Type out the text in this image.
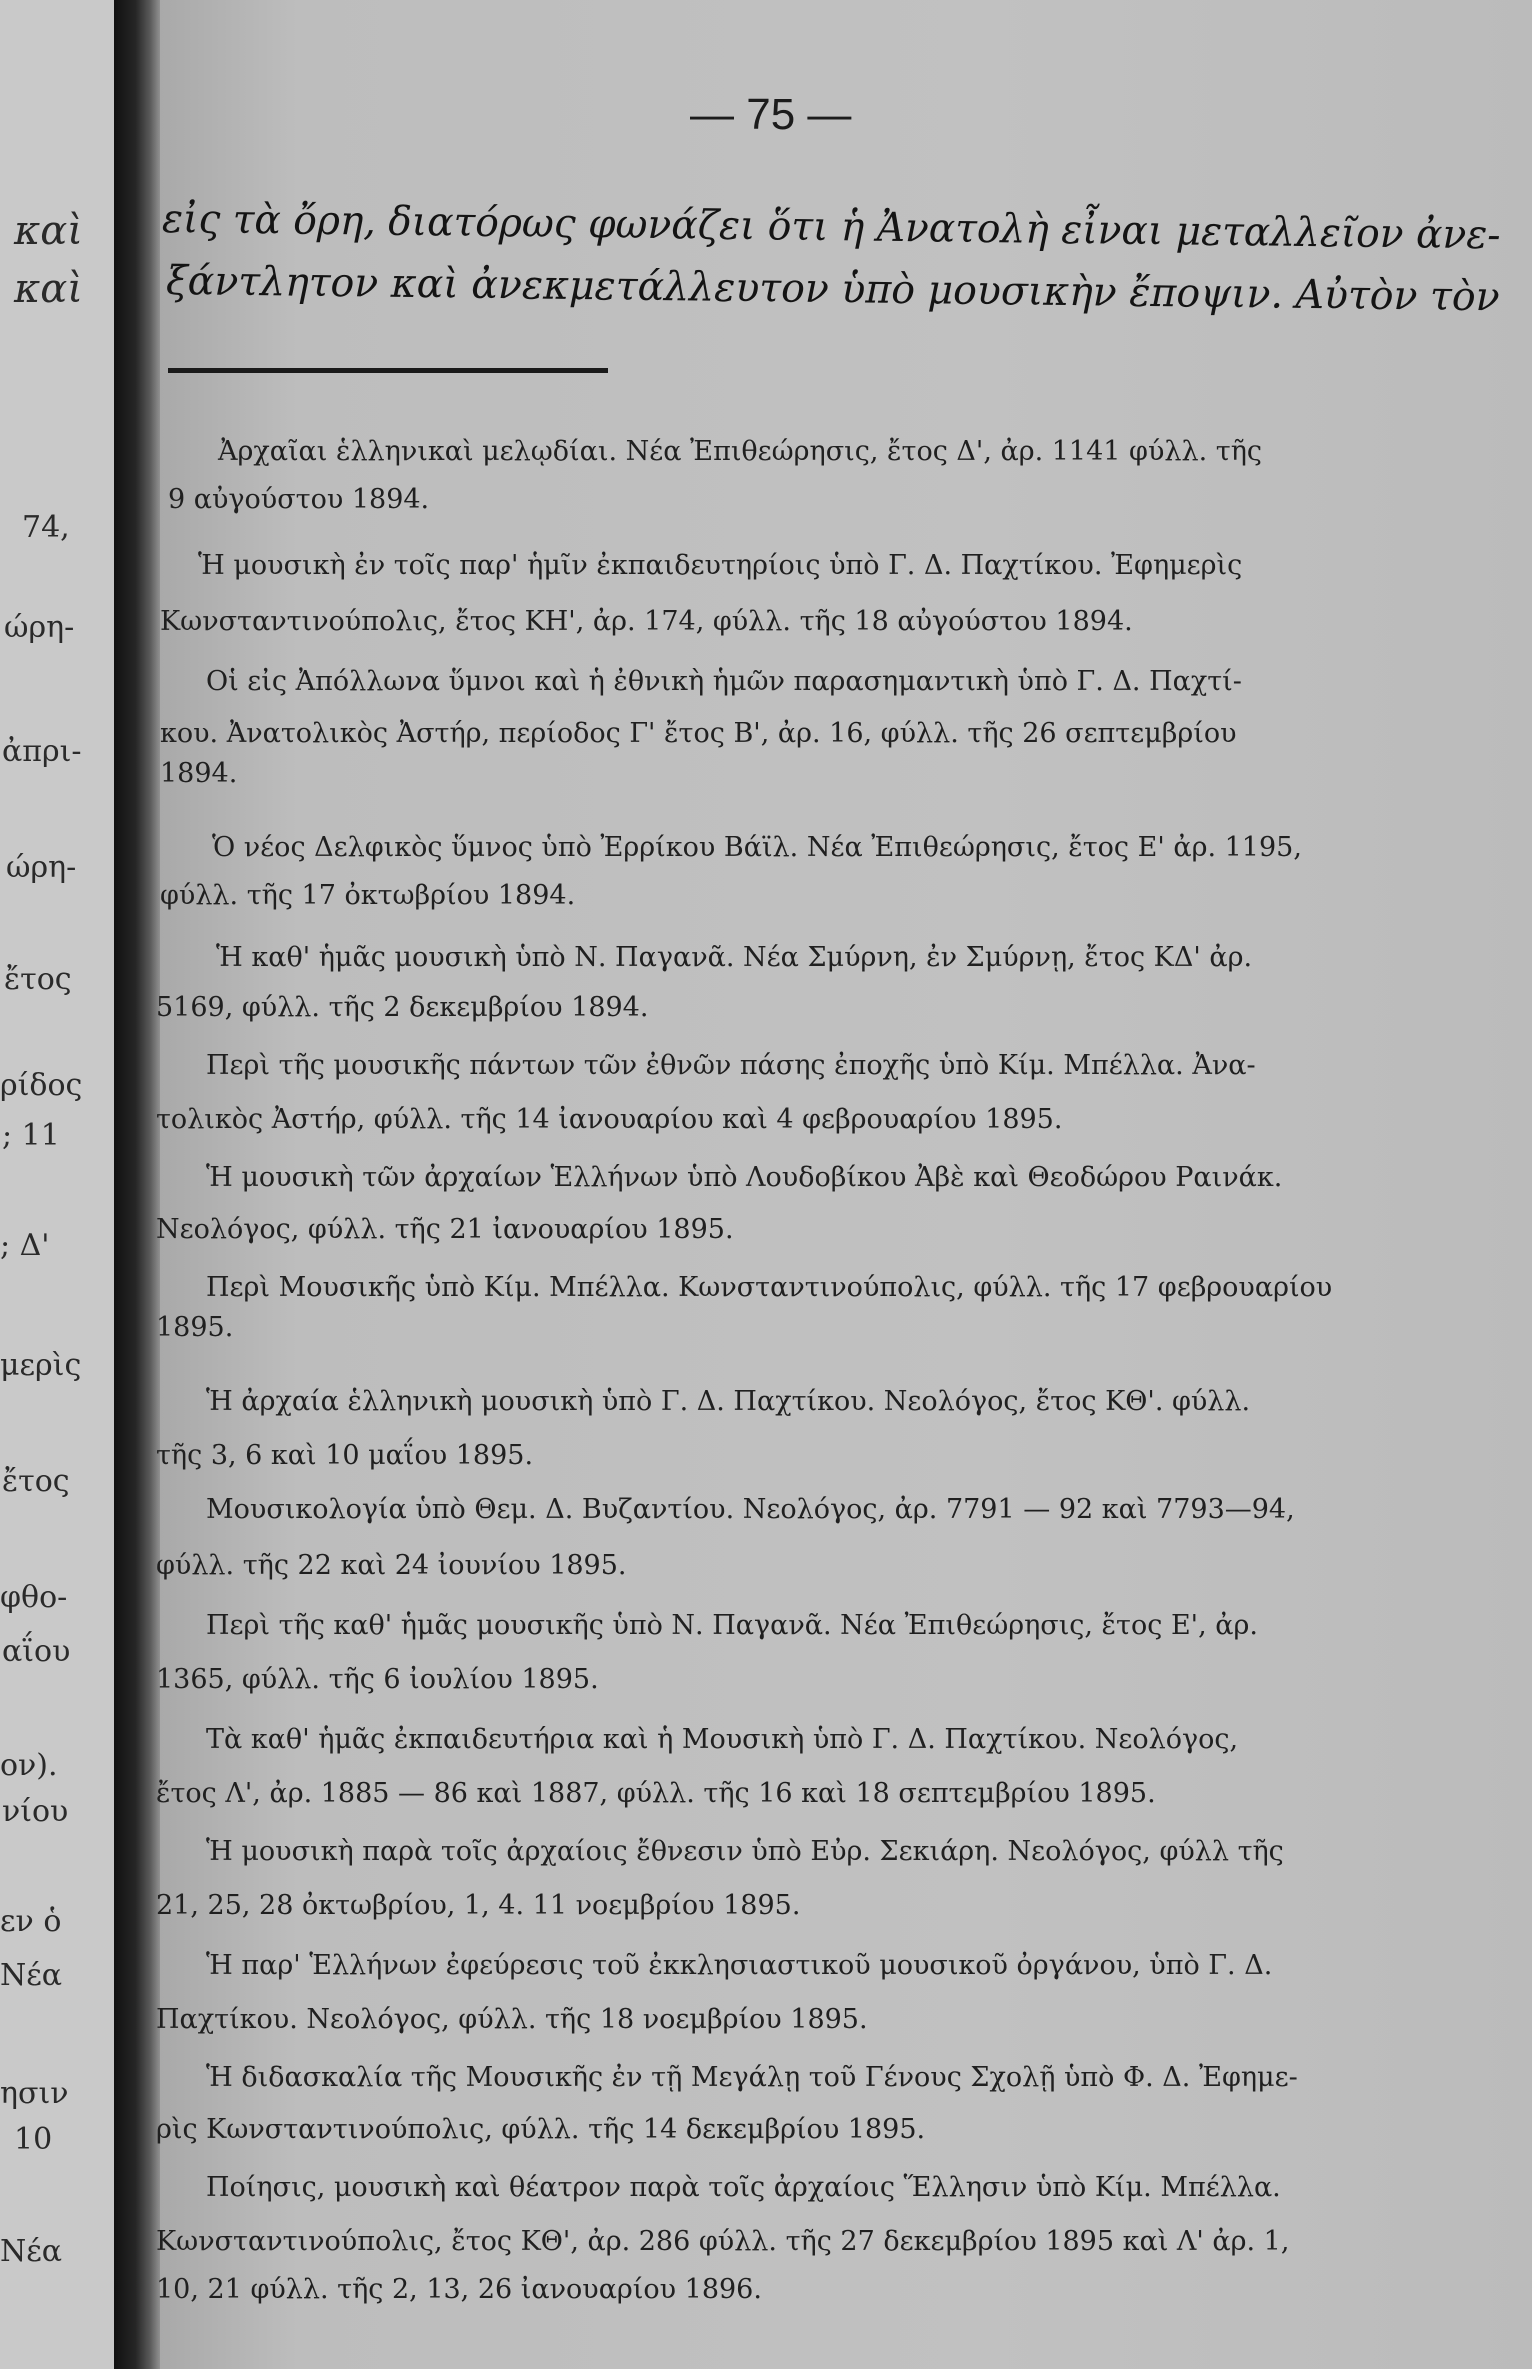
καὶ
καὶ
74,
ώρη-
ἀπρι-
ώρη-
ἔτος
ρίδος
; 11
; Δ'
μερὶς
ἔτος
φθο-
αΐου
ον).
νίου
εν ὁ
Νέα
ησιν
10
Νέα
— 75 —
εἰς τὰ ὄρη, διατόρως φωνάζει ὅτι ἡ Ἀνατολὴ εἶναι μεταλλεῖον ἀνε-
ξάντλητον καὶ ἀνεκμετάλλευτον ὑπὸ μουσικὴν ἔποψιν. Αὐτὸν τὸν
Ἀρχαῖαι ἑλληνικαὶ μελῳδίαι. Νέα Ἐπιθεώρησις, ἔτος Δ', ἀρ. 1141 φύλλ. τῆς
9 αὐγούστου 1894.
Ἡ μουσικὴ ἐν τοῖς παρ' ἡμῖν ἐκπαιδευτηρίοις ὑπὸ Γ. Δ. Παχτίκου. Ἐφημερὶς
Κωνσταντινούπολις, ἔτος ΚΗ', ἀρ. 174, φύλλ. τῆς 18 αὐγούστου 1894.
Οἱ εἰς Ἀπόλλωνα ὕμνοι καὶ ἡ ἐθνικὴ ἡμῶν παρασημαντικὴ ὑπὸ Γ. Δ. Παχτί-
κου. Ἀνατολικὸς Ἀστήρ, περίοδος Γ' ἔτος Β', ἀρ. 16, φύλλ. τῆς 26 σεπτεμβρίου
1894.
Ὁ νέος Δελφικὸς ὕμνος ὑπὸ Ἐρρίκου Βάϊλ. Νέα Ἐπιθεώρησις, ἔτος Ε' ἀρ. 1195,
φύλλ. τῆς 17 ὀκτωβρίου 1894.
Ἡ καθ' ἡμᾶς μουσικὴ ὑπὸ Ν. Παγανᾶ. Νέα Σμύρνη, ἐν Σμύρνῃ, ἔτος ΚΔ' ἀρ.
5169, φύλλ. τῆς 2 δεκεμβρίου 1894.
Περὶ τῆς μουσικῆς πάντων τῶν ἐθνῶν πάσης ἐποχῆς ὑπὸ Κίμ. Μπέλλα. Ἀνα-
τολικὸς Ἀστήρ, φύλλ. τῆς 14 ἰανουαρίου καὶ 4 φεβρουαρίου 1895.
Ἡ μουσικὴ τῶν ἀρχαίων Ἑλλήνων ὑπὸ Λουδοβίκου Ἀβὲ καὶ Θεοδώρου Ραινάκ.
Νεολόγος, φύλλ. τῆς 21 ἰανουαρίου 1895.
Περὶ Μουσικῆς ὑπὸ Κίμ. Μπέλλα. Κωνσταντινούπολις, φύλλ. τῆς 17 φεβρουαρίου
1895.
Ἡ ἀρχαία ἑλληνικὴ μουσικὴ ὑπὸ Γ. Δ. Παχτίκου. Νεολόγος, ἔτος ΚΘ'. φύλλ.
τῆς 3, 6 καὶ 10 μαΐου 1895.
Μουσικολογία ὑπὸ Θεμ. Δ. Βυζαντίου. Νεολόγος, ἀρ. 7791 — 92 καὶ 7793—94,
φύλλ. τῆς 22 καὶ 24 ἰουνίου 1895.
Περὶ τῆς καθ' ἡμᾶς μουσικῆς ὑπὸ Ν. Παγανᾶ. Νέα Ἐπιθεώρησις, ἔτος Ε', ἀρ.
1365, φύλλ. τῆς 6 ἰουλίου 1895.
Τὰ καθ' ἡμᾶς ἐκπαιδευτήρια καὶ ἡ Μουσικὴ ὑπὸ Γ. Δ. Παχτίκου. Νεολόγος,
ἔτος Λ', ἀρ. 1885 — 86 καὶ 1887, φύλλ. τῆς 16 καὶ 18 σεπτεμβρίου 1895.
Ἡ μουσικὴ παρὰ τοῖς ἀρχαίοις ἔθνεσιν ὑπὸ Εὐρ. Σεκιάρη. Νεολόγος, φύλλ τῆς
21, 25, 28 ὀκτωβρίου, 1, 4. 11 νοεμβρίου 1895.
Ἡ παρ' Ἑλλήνων ἐφεύρεσις τοῦ ἐκκλησιαστικοῦ μουσικοῦ ὀργάνου, ὑπὸ Γ. Δ.
Παχτίκου. Νεολόγος, φύλλ. τῆς 18 νοεμβρίου 1895.
Ἡ διδασκαλία τῆς Μουσικῆς ἐν τῇ Μεγάλῃ τοῦ Γένους Σχολῇ ὑπὸ Φ. Δ. Ἐφημε-
ρὶς Κωνσταντινούπολις, φύλλ. τῆς 14 δεκεμβρίου 1895.
Ποίησις, μουσικὴ καὶ θέατρον παρὰ τοῖς ἀρχαίοις Ἕλλησιν ὑπὸ Κίμ. Μπέλλα.
Κωνσταντινούπολις, ἔτος ΚΘ', ἀρ. 286 φύλλ. τῆς 27 δεκεμβρίου 1895 καὶ Λ' ἀρ. 1,
10, 21 φύλλ. τῆς 2, 13, 26 ἰανουαρίου 1896.
